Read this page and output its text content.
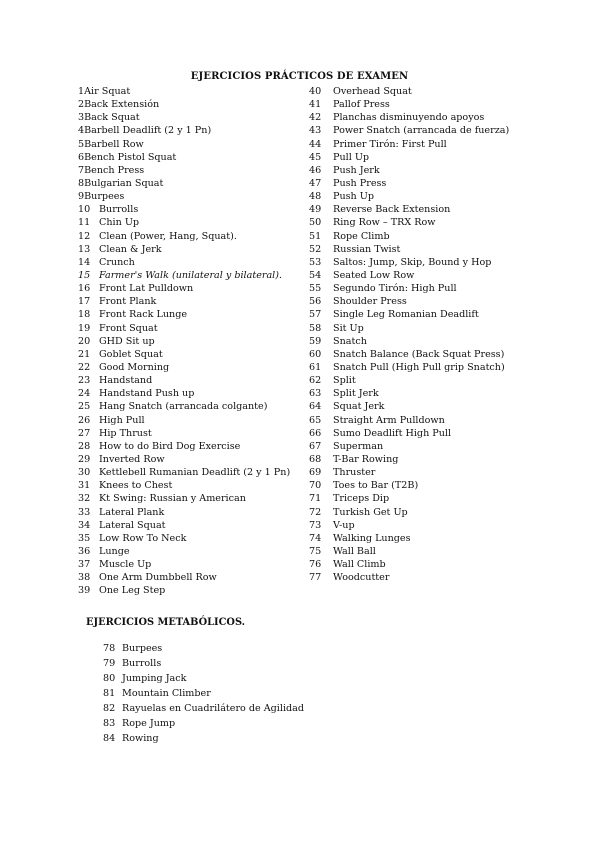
EJERCICIOS PRÁCTICOS DE EXAMEN
1Air Squat
2Back Extensión
3Back Squat
4Barbell Deadlift (2 y 1 Pn)
5Barbell Row
6Bench Pistol Squat
7Bench Press
8Bulgarian Squat
9Burpees
10 Burrolls
11 Chin Up
12 Clean (Power, Hang, Squat).
13 Clean & Jerk
14 Crunch
15 Farmer's Walk (unilateral y bilateral).
16 Front Lat Pulldown
17 Front Plank
18 Front Rack Lunge
19 Front Squat
20 GHD Sit up
21 Goblet Squat
22 Good Morning
23 Handstand
24 Handstand Push up
25 Hang Snatch (arrancada colgante)
26 High Pull
27 Hip Thrust
28 How to do Bird Dog Exercise
29 Inverted Row
30 Kettlebell Rumanian Deadlift (2 y 1 Pn)
31 Knees to Chest
32 Kt Swing: Russian y American
33 Lateral Plank
34 Lateral Squat
35 Low Row To Neck
36 Lunge
37 Muscle Up
38 One Arm Dumbbell Row
39 One Leg Step
40 Overhead Squat
41 Pallof Press
42 Planchas disminuyendo apoyos
43 Power Snatch (arrancada de fuerza)
44 Primer Tirón: First Pull
45 Pull Up
46 Push Jerk
47 Push Press
48 Push Up
49 Reverse Back Extension
50 Ring Row – TRX Row
51 Rope Climb
52 Russian Twist
53 Saltos: Jump, Skip, Bound y Hop
54 Seated Low Row
55 Segundo Tirón: High Pull
56 Shoulder Press
57 Single Leg Romanian Deadlift
58 Sit Up
59 Snatch
60 Snatch Balance (Back Squat Press)
61 Snatch Pull (High Pull grip Snatch)
62 Split
63 Split Jerk
64 Squat Jerk
65 Straight Arm Pulldown
66 Sumo Deadlift High Pull
67 Superman
68 T-Bar Rowing
69 Thruster
70 Toes to Bar (T2B)
71 Triceps Dip
72 Turkish Get Up
73 V-up
74 Walking Lunges
75 Wall Ball
76 Wall Climb
77 Woodcutter
EJERCICIOS METABÓLICOS.
78 Burpees
79 Burrolls
80 Jumping Jack
81 Mountain Climber
82 Rayuelas en Cuadrilátero de Agilidad
83 Rope Jump
84 Rowing
